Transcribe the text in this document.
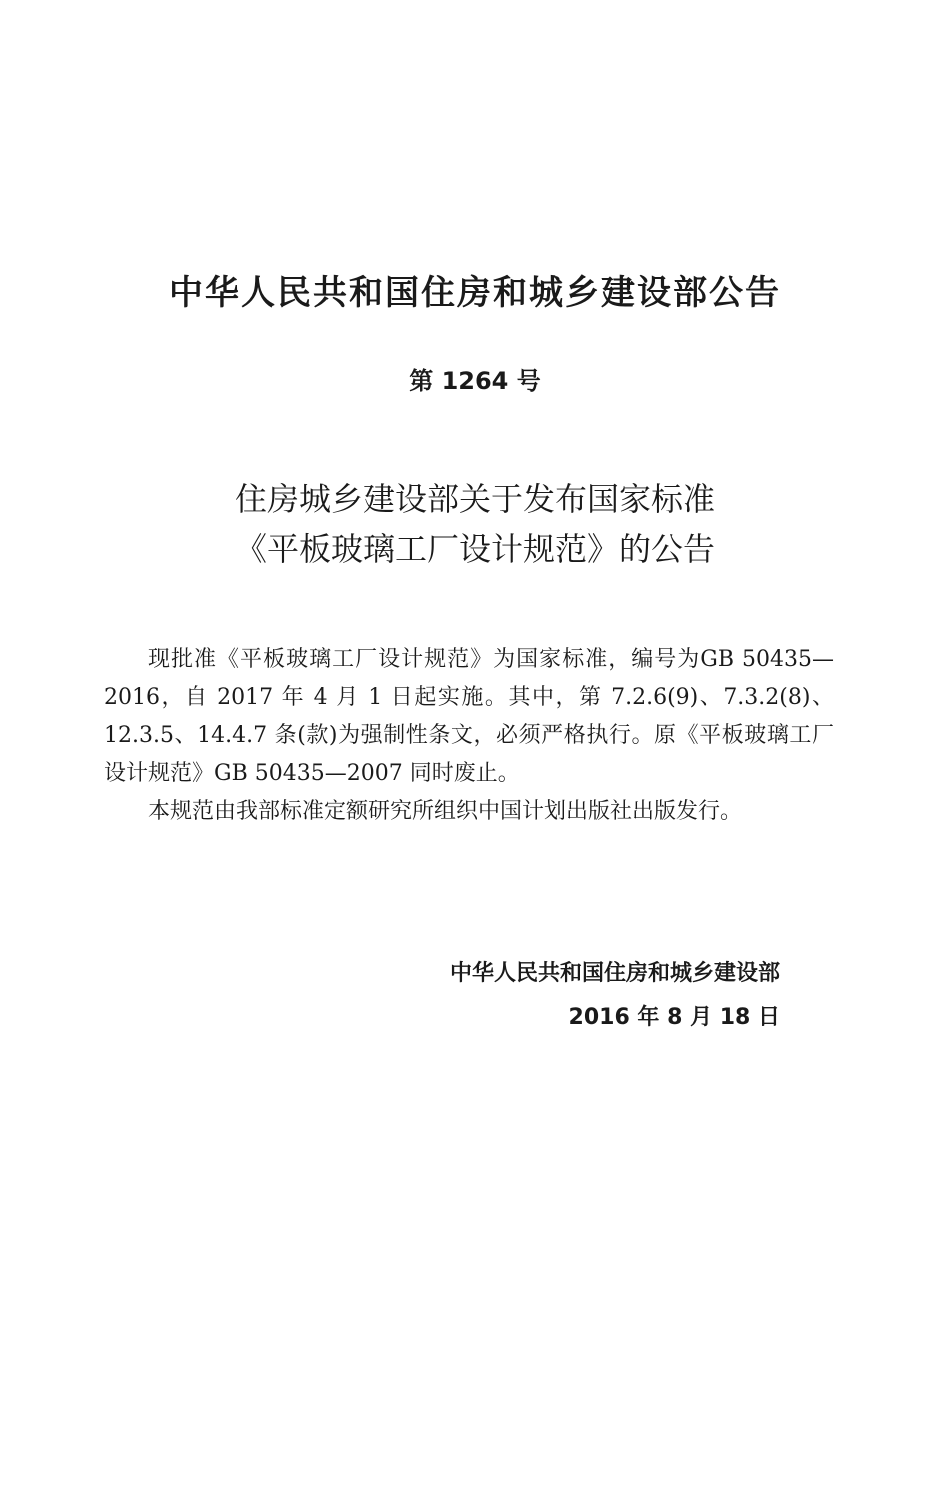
中华人民共和国住房和城乡建设部公告
第 1264 号
住房城乡建设部关于发布国家标准
《平板玻璃工厂设计规范》的公告

现批准《平板玻璃工厂设计规范》为国家标准，编号为GB 50435—2016，自 2017 年 4 月 1 日起实施。其中，第 7.2.6(9)、7.3.2(8)、12.3.5、14.4.7 条(款)为强制性条文，必须严格执行。原《平板玻璃工厂设计规范》GB 50435—2007 同时废止。

本规范由我部标准定额研究所组织中国计划出版社出版发行。

中华人民共和国住房和城乡建设部
2016 年 8 月 18 日
